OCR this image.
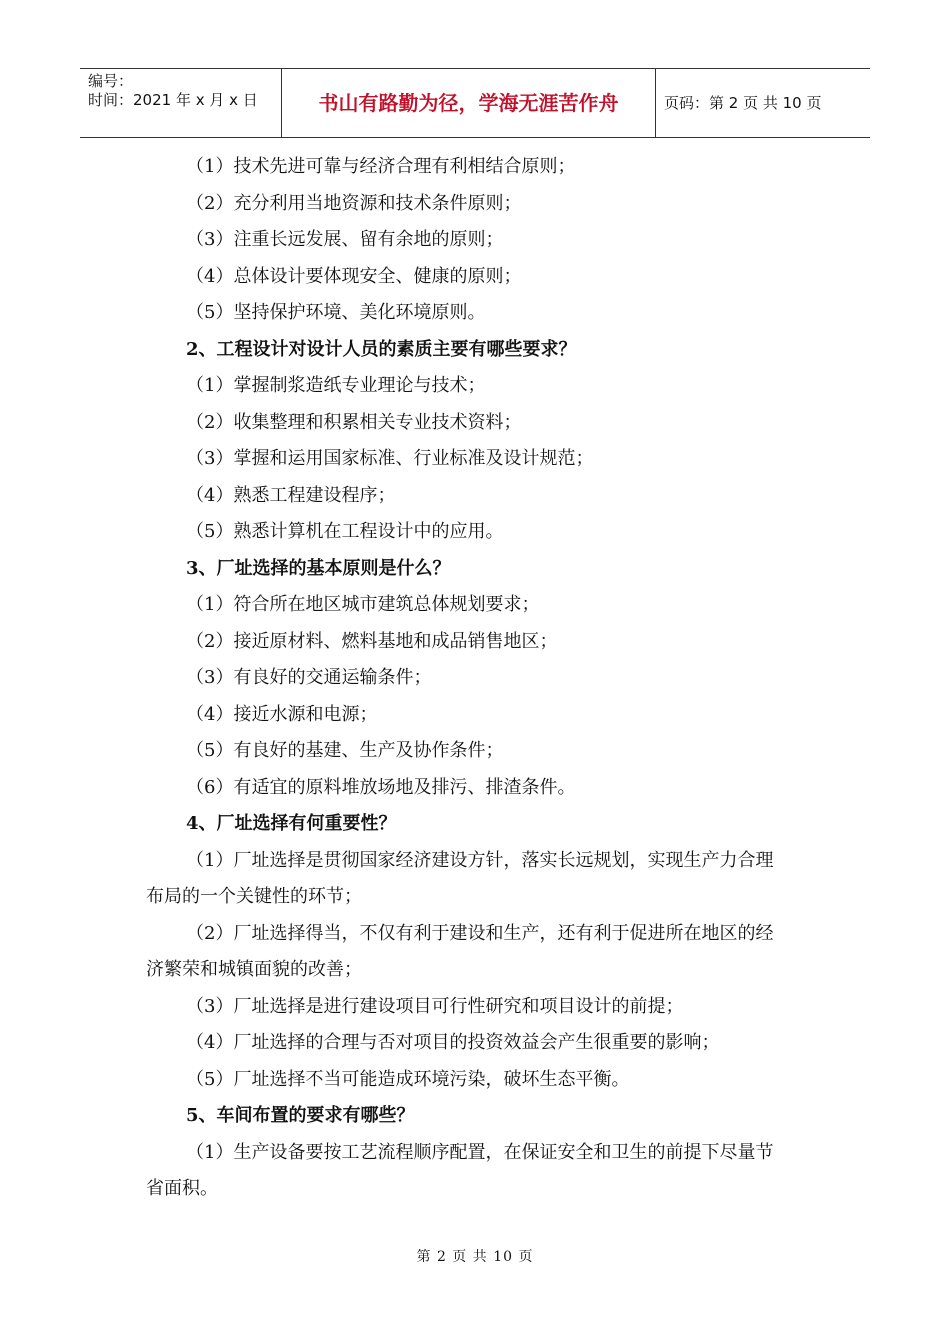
编号：
时间：2021 年 x 月 x 日	书山有路勤为径，学海无涯苦作舟	页码：第 2 页 共 10 页
（1）技术先进可靠与经济合理有利相结合原则；
（2）充分利用当地资源和技术条件原则；
（3）注重长远发展、留有余地的原则；
（4）总体设计要体现安全、健康的原则；
（5）坚持保护环境、美化环境原则。
2、工程设计对设计人员的素质主要有哪些要求？
（1）掌握制浆造纸专业理论与技术；
（2）收集整理和积累相关专业技术资料；
（3）掌握和运用国家标准、行业标准及设计规范；
（4）熟悉工程建设程序；
（5）熟悉计算机在工程设计中的应用。
3、厂址选择的基本原则是什么？
（1）符合所在地区城市建筑总体规划要求；
（2）接近原材料、燃料基地和成品销售地区；
（3）有良好的交通运输条件；
（4）接近水源和电源；
（5）有良好的基建、生产及协作条件；
（6）有适宜的原料堆放场地及排污、排渣条件。
4、厂址选择有何重要性？
（1）厂址选择是贯彻国家经济建设方针，落实长远规划，实现生产力合理
布局的一个关键性的环节；
（2）厂址选择得当，不仅有利于建设和生产，还有利于促进所在地区的经
济繁荣和城镇面貌的改善；
（3）厂址选择是进行建设项目可行性研究和项目设计的前提；
（4）厂址选择的合理与否对项目的投资效益会产生很重要的影响；
（5）厂址选择不当可能造成环境污染，破坏生态平衡。
5、车间布置的要求有哪些？
（1）生产设备要按工艺流程顺序配置，在保证安全和卫生的前提下尽量节
省面积。
第 2 页 共 10 页
